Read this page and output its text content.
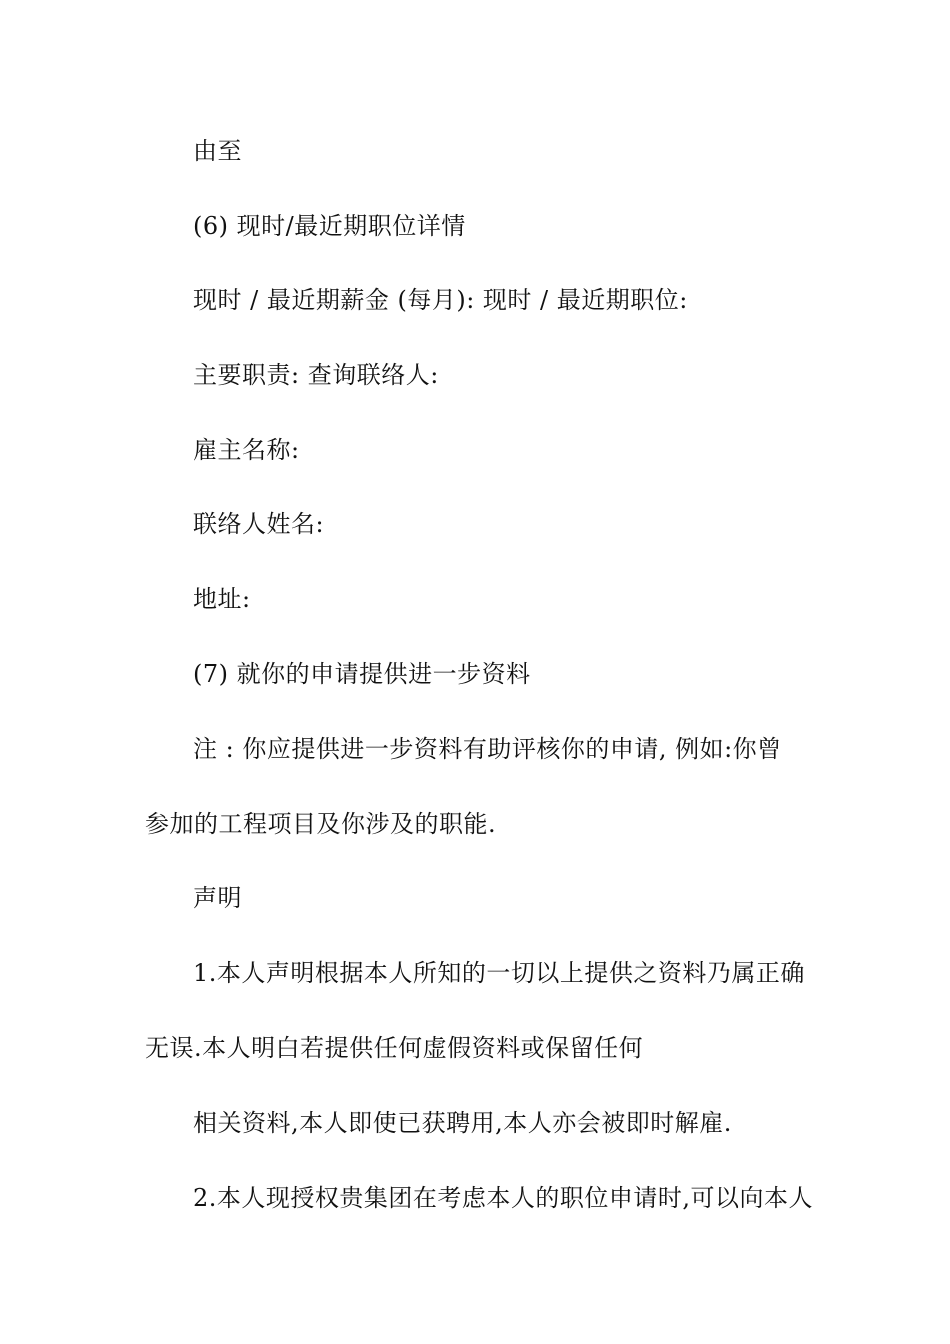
由至
(6) 现时/最近期职位详情
现时 / 最近期薪金 (每月): 现时 / 最近期职位:
主要职责: 查询联络人:
雇主名称:
联络人姓名:
地址:
(7) 就你的申请提供进一步资料
注 : 你应提供进一步资料有助评核你的申请, 例如:你曾
参加的工程项目及你涉及的职能.
声明
1.本人声明根据本人所知的一切以上提供之资料乃属正确
无误.本人明白若提供任何虚假资料或保留任何
相关资料,本人即使已获聘用,本人亦会被即时解雇.
2.本人现授权贵集团在考虑本人的职位申请时,可以向本人
